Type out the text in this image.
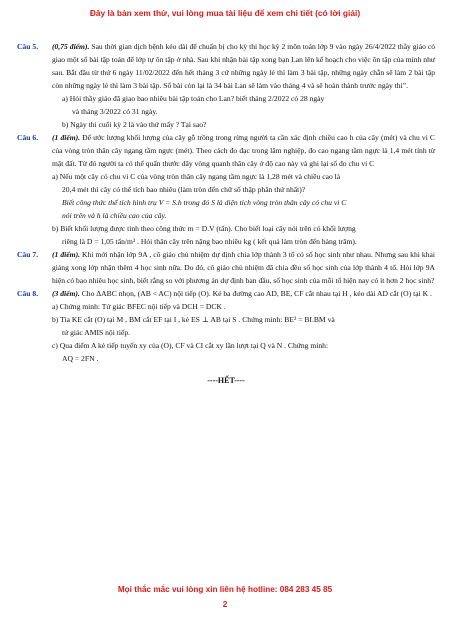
Đây là bản xem thử, vui lòng mua tài liệu để xem chi tiết (có lời giải)
Câu 5.	(0,75 điểm). Sau thời gian dịch bệnh kéo dài để chuẩn bị cho kỳ thi học kỳ 2 môn toán lớp 9 vào ngày 26/4/2022 thầy giáo có giao một số bài tập toán để lớp tự ôn tập ở nhà. Sau khi nhận bài tập xong bạn Lan lên kế hoạch cho việc ôn tập của mình như sau. Bắt đầu từ thứ 6 ngày 11/02/2022 đến hết tháng 3 cứ những ngày lẻ thì làm 3 bài tập, những ngày chẵn sẽ làm 2 bài tập còn những ngày lẻ thì làm 3 bài tập. Số bài còn lại là 34 bài Lan sẽ làm vào tháng 4 và sẽ hoàn thành trước ngày thi”.
a) Hỏi thầy giáo đã giao bao nhiêu bài tập toán cho Lan? biết tháng 2/2022 có 28 ngày
và tháng 3/2022 có 31 ngày.
b) Ngày thi cuối kỳ 2 là vào thứ mấy ? Tại sao?
Câu 6.	(1 điểm). Để ước lượng khối lượng của cây gỗ trồng trong rừng người ta cần xác định chiều cao h của cây (mét) và chu vi C của vòng tròn thân cây ngang tầm ngực (mét). Theo cách đo đạc trong lâm nghiệp, đo cao ngang tầm ngực là 1,4 mét tính từ mặt đất. Từ đó người ta có thể quấn thước dây vòng quanh thân cây ở độ cao này và ghi lại số đo chu vi C
a) Nếu một cây có chu vi C của vòng tròn thân cây ngang tầm ngực là 1,28 mét và chiều cao là
20,4 mét thì cây có thể tích bao nhiêu (làm tròn đến chữ số thập phân thứ nhất)?
Biết công thức thể tích hình trụ V = S.h trong đó S là diện tích vòng tròn thân cây có chu vi C
nói trên và h là chiều cao của cây.
b) Biết khối lượng được tính theo công thức m = D.V (tấn). Cho biết loại cây nói trên có khối lượng
riêng là D = 1,05 tấn/m³ . Hỏi thân cây trên nặng bao nhiêu kg ( kết quả làm tròn đến hàng trăm).
Câu 7.	(1 điểm). Khi mới nhận lớp 9A , cô giáo chủ nhiệm dự định chia lớp thành 3 tổ có số học sinh như nhau. Nhưng sau khi khai giảng xong lớp nhận thêm 4 học sinh nữa. Do đó, cô giáo chủ nhiệm đã chia đều số học sinh của lớp thành 4 tổ. Hỏi lớp 9A hiện có bao nhiêu học sinh, biết rằng so với phương án dự định ban đầu, số học sinh của mỗi tổ hiện nay có ít hơn 2 học sinh?
Câu 8.	(3 điểm). Cho ΔABC nhọn, (AB < AC) nội tiếp (O). Kẻ ba đường cao AD, BE, CF cắt nhau tại H , kéo dài AD cắt (O) tại K .
a) Chứng minh: Tứ giác BFEC nội tiếp và DCH = DCK .
b) Tia KE cắt (O) tại M , BM cắt EF tại I , kẻ ES ⊥ AB tại S . Chứng minh: BE² = BI.BM và
tứ giác AMIS nội tiếp.
c) Qua điểm A kẻ tiếp tuyến xy của (O), CF và CI cắt xy lần lượt tại Q và N . Chứng minh:
AQ = 2FN .
----HẾT----
Mọi thắc mắc vui lòng xin liên hệ hotline: 084 283 45 85
2
